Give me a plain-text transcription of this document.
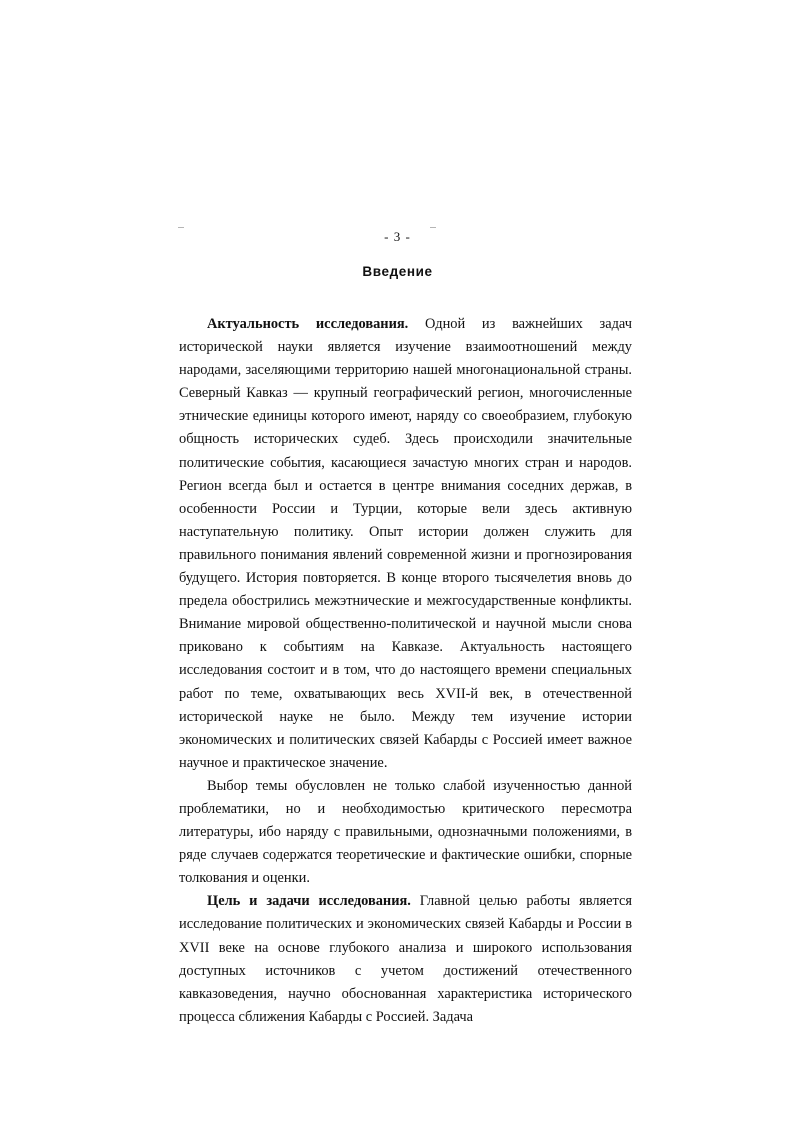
- 3 -
Введение

Актуальность исследования. Одной из важнейших задач исторической науки является изучение взаимоотношений между народами, заселяющими территорию нашей многонациональной страны. Северный Кавказ — крупный географический регион, многочисленные этнические единицы которого имеют, наряду со своеобразием, глубокую общность исторических судеб. Здесь происходили значительные политические события, касающиеся зачастую многих стран и народов. Регион всегда был и остается в центре внимания соседних держав, в особенности России и Турции, которые вели здесь активную наступательную политику. Опыт истории должен служить для правильного понимания явлений современной жизни и прогнозирования будущего. История повторяется. В конце второго тысячелетия вновь до предела обострились межэтнические и межгосударственные конфликты. Внимание мировой общественно-политической и научной мысли снова приковано к событиям на Кавказе. Актуальность настоящего исследования состоит и в том, что до настоящего времени специальных работ по теме, охватывающих весь XVII-й век, в отечественной исторической науке не было. Между тем изучение истории экономических и политических связей Кабарды с Россией имеет важное научное и практическое значение.

Выбор темы обусловлен не только слабой изученностью данной проблематики, но и необходимостью критического пересмотра литературы, ибо наряду с правильными, однозначными положениями, в ряде случаев содержатся теоретические и фактические ошибки, спорные толкования и оценки.

Цель и задачи исследования. Главной целью работы является исследование политических и экономических связей Кабарды и России в XVII веке на основе глубокого анализа и широкого использования доступных источников с учетом достижений отечественного кавказоведения, научно обоснованная характеристика исторического процесса сближения Кабарды с Россией. Задача
